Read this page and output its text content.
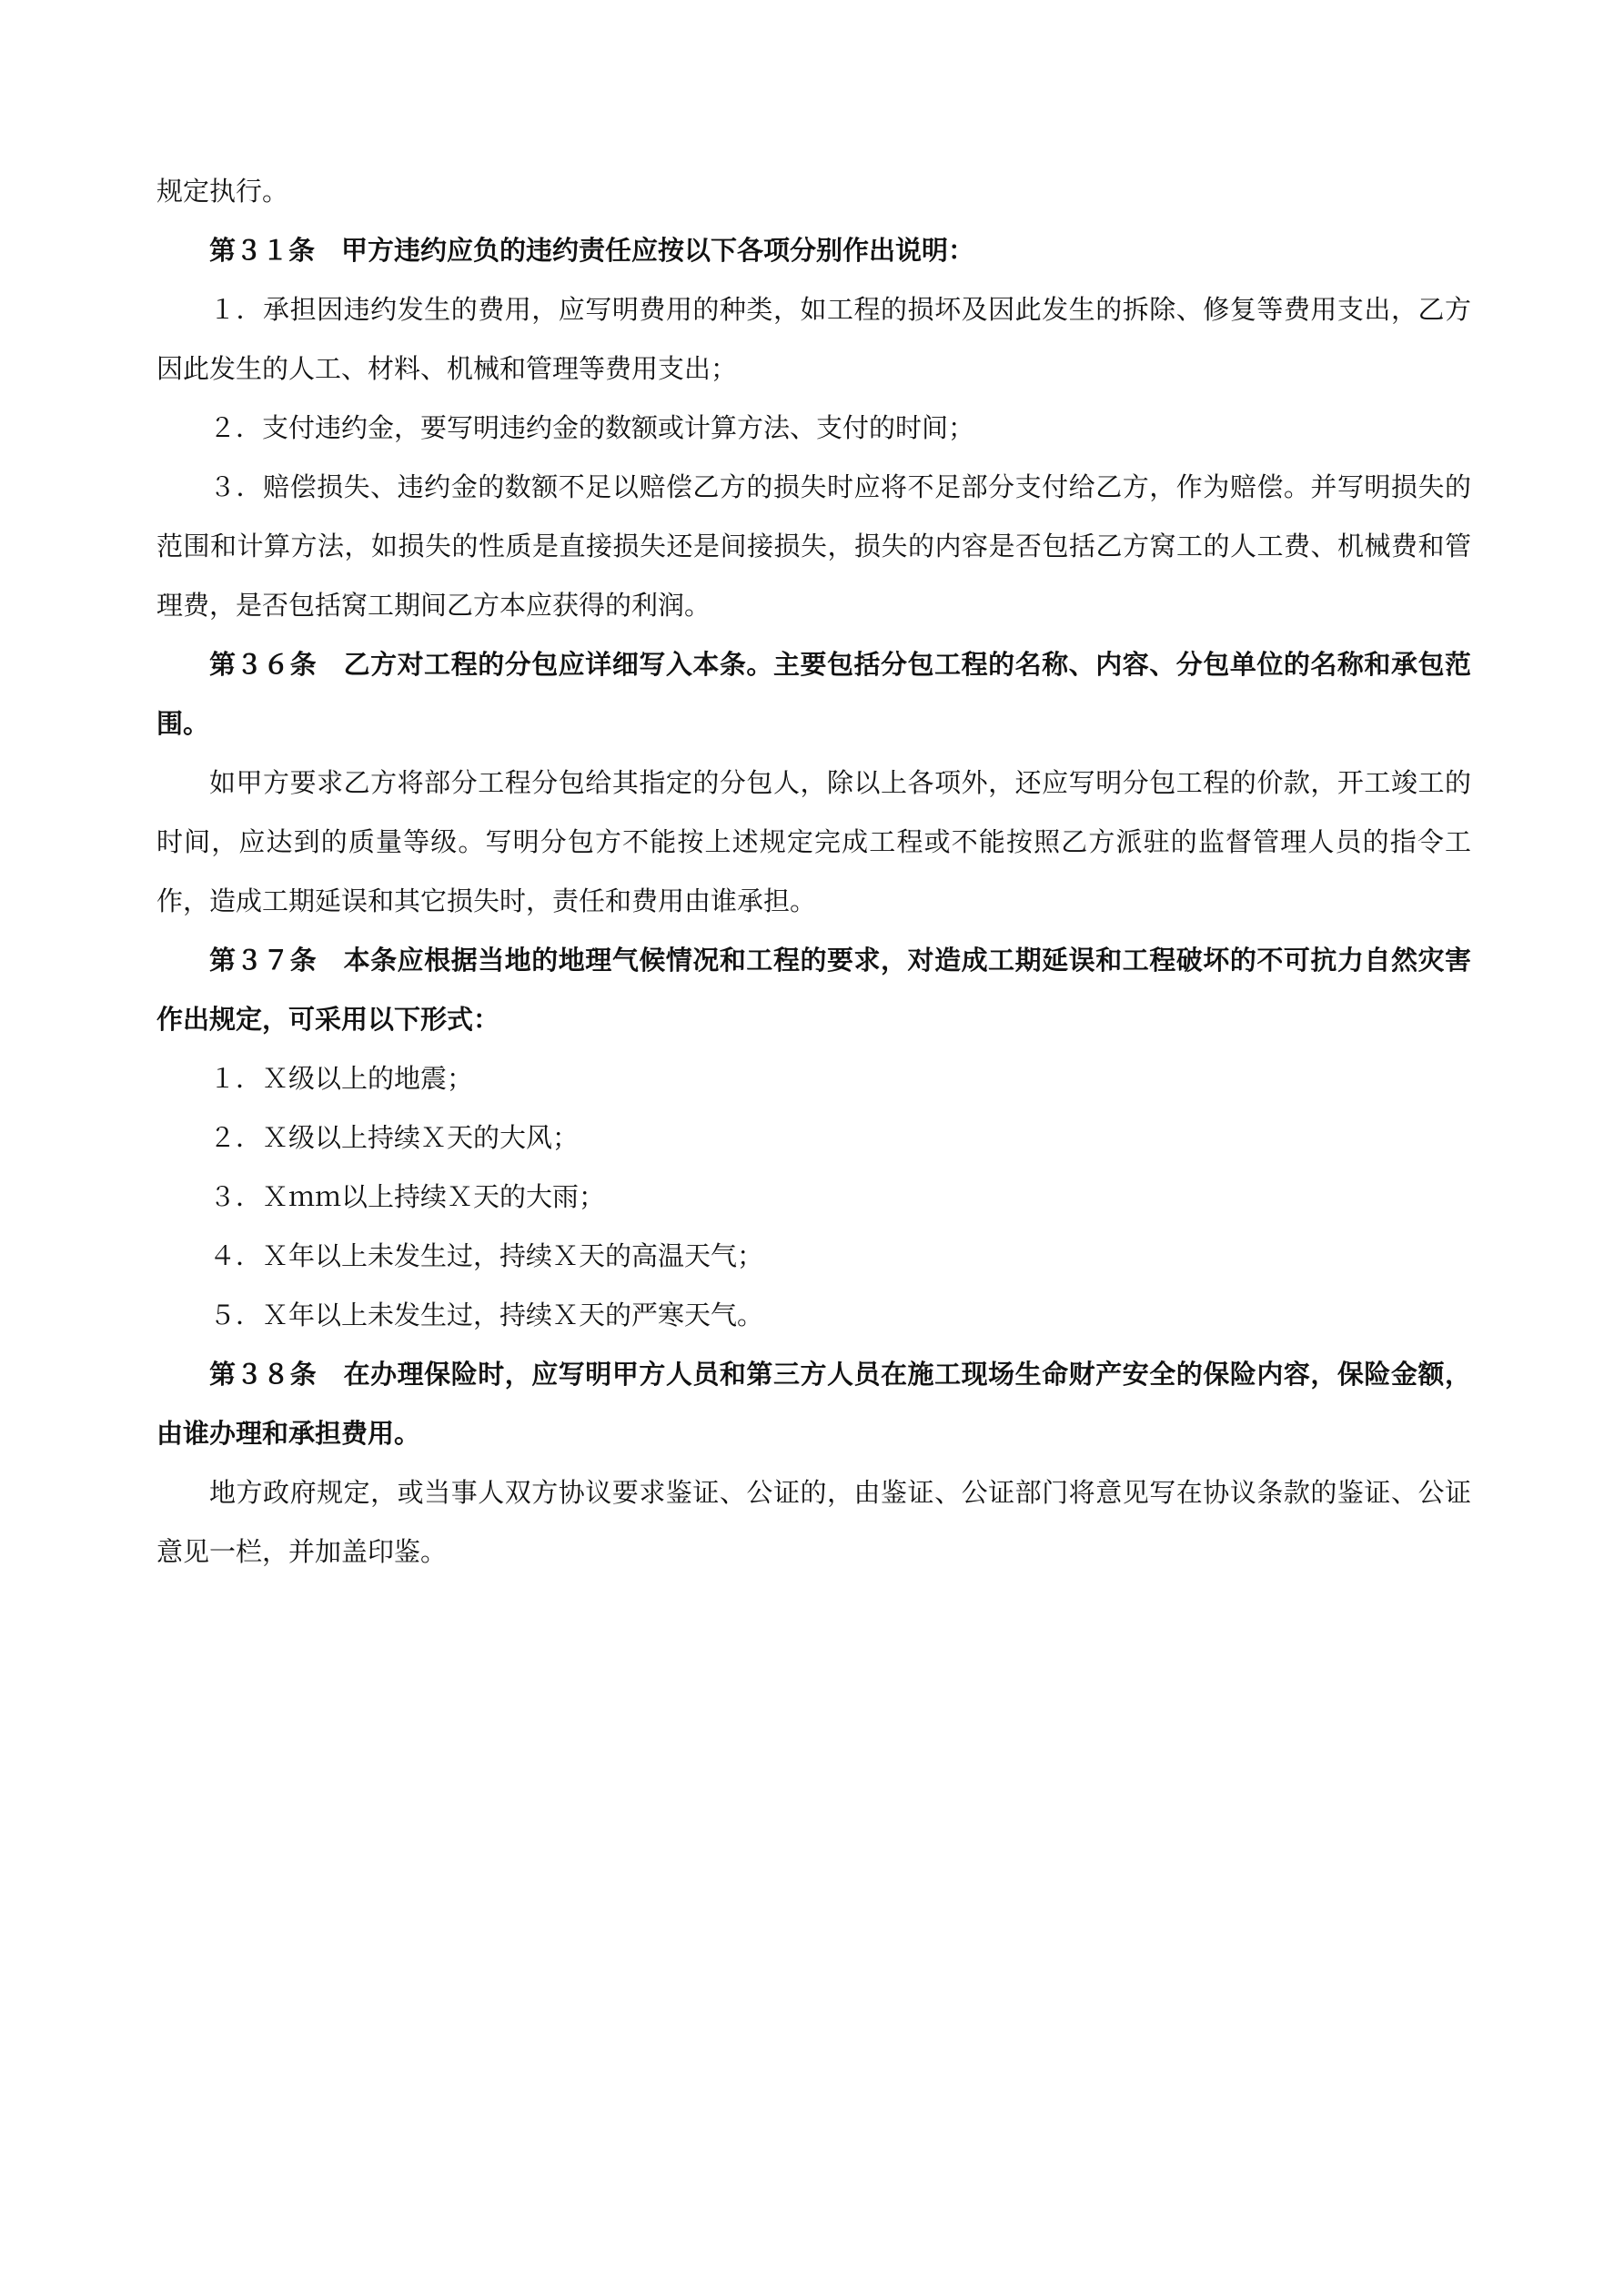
规定执行。

第３１条　甲方违约应负的违约责任应按以下各项分别作出说明：

１．承担因违约发生的费用，应写明费用的种类，如工程的损坏及因此发生的拆除、修复等费用支出，乙方因此发生的人工、材料、机械和管理等费用支出；

２．支付违约金，要写明违约金的数额或计算方法、支付的时间；

３．赔偿损失、违约金的数额不足以赔偿乙方的损失时应将不足部分支付给乙方，作为赔偿。并写明损失的范围和计算方法，如损失的性质是直接损失还是间接损失，损失的内容是否包括乙方窝工的人工费、机械费和管理费，是否包括窝工期间乙方本应获得的利润。

第３６条　乙方对工程的分包应详细写入本条。主要包括分包工程的名称、内容、分包单位的名称和承包范围。

如甲方要求乙方将部分工程分包给其指定的分包人，除以上各项外，还应写明分包工程的价款，开工竣工的时间，应达到的质量等级。写明分包方不能按上述规定完成工程或不能按照乙方派驻的监督管理人员的指令工作，造成工期延误和其它损失时，责任和费用由谁承担。

第３７条　本条应根据当地的地理气候情况和工程的要求，对造成工期延误和工程破坏的不可抗力自然灾害作出规定，可采用以下形式：

１．Ｘ级以上的地震；

２．Ｘ级以上持续Ｘ天的大风；

３．Ｘｍｍ以上持续Ｘ天的大雨；

４．Ｘ年以上未发生过，持续Ｘ天的高温天气；

５．Ｘ年以上未发生过，持续Ｘ天的严寒天气。

第３８条　在办理保险时，应写明甲方人员和第三方人员在施工现场生命财产安全的保险内容，保险金额，由谁办理和承担费用。

地方政府规定，或当事人双方协议要求鉴证、公证的，由鉴证、公证部门将意见写在协议条款的鉴证、公证意见一栏，并加盖印鉴。
